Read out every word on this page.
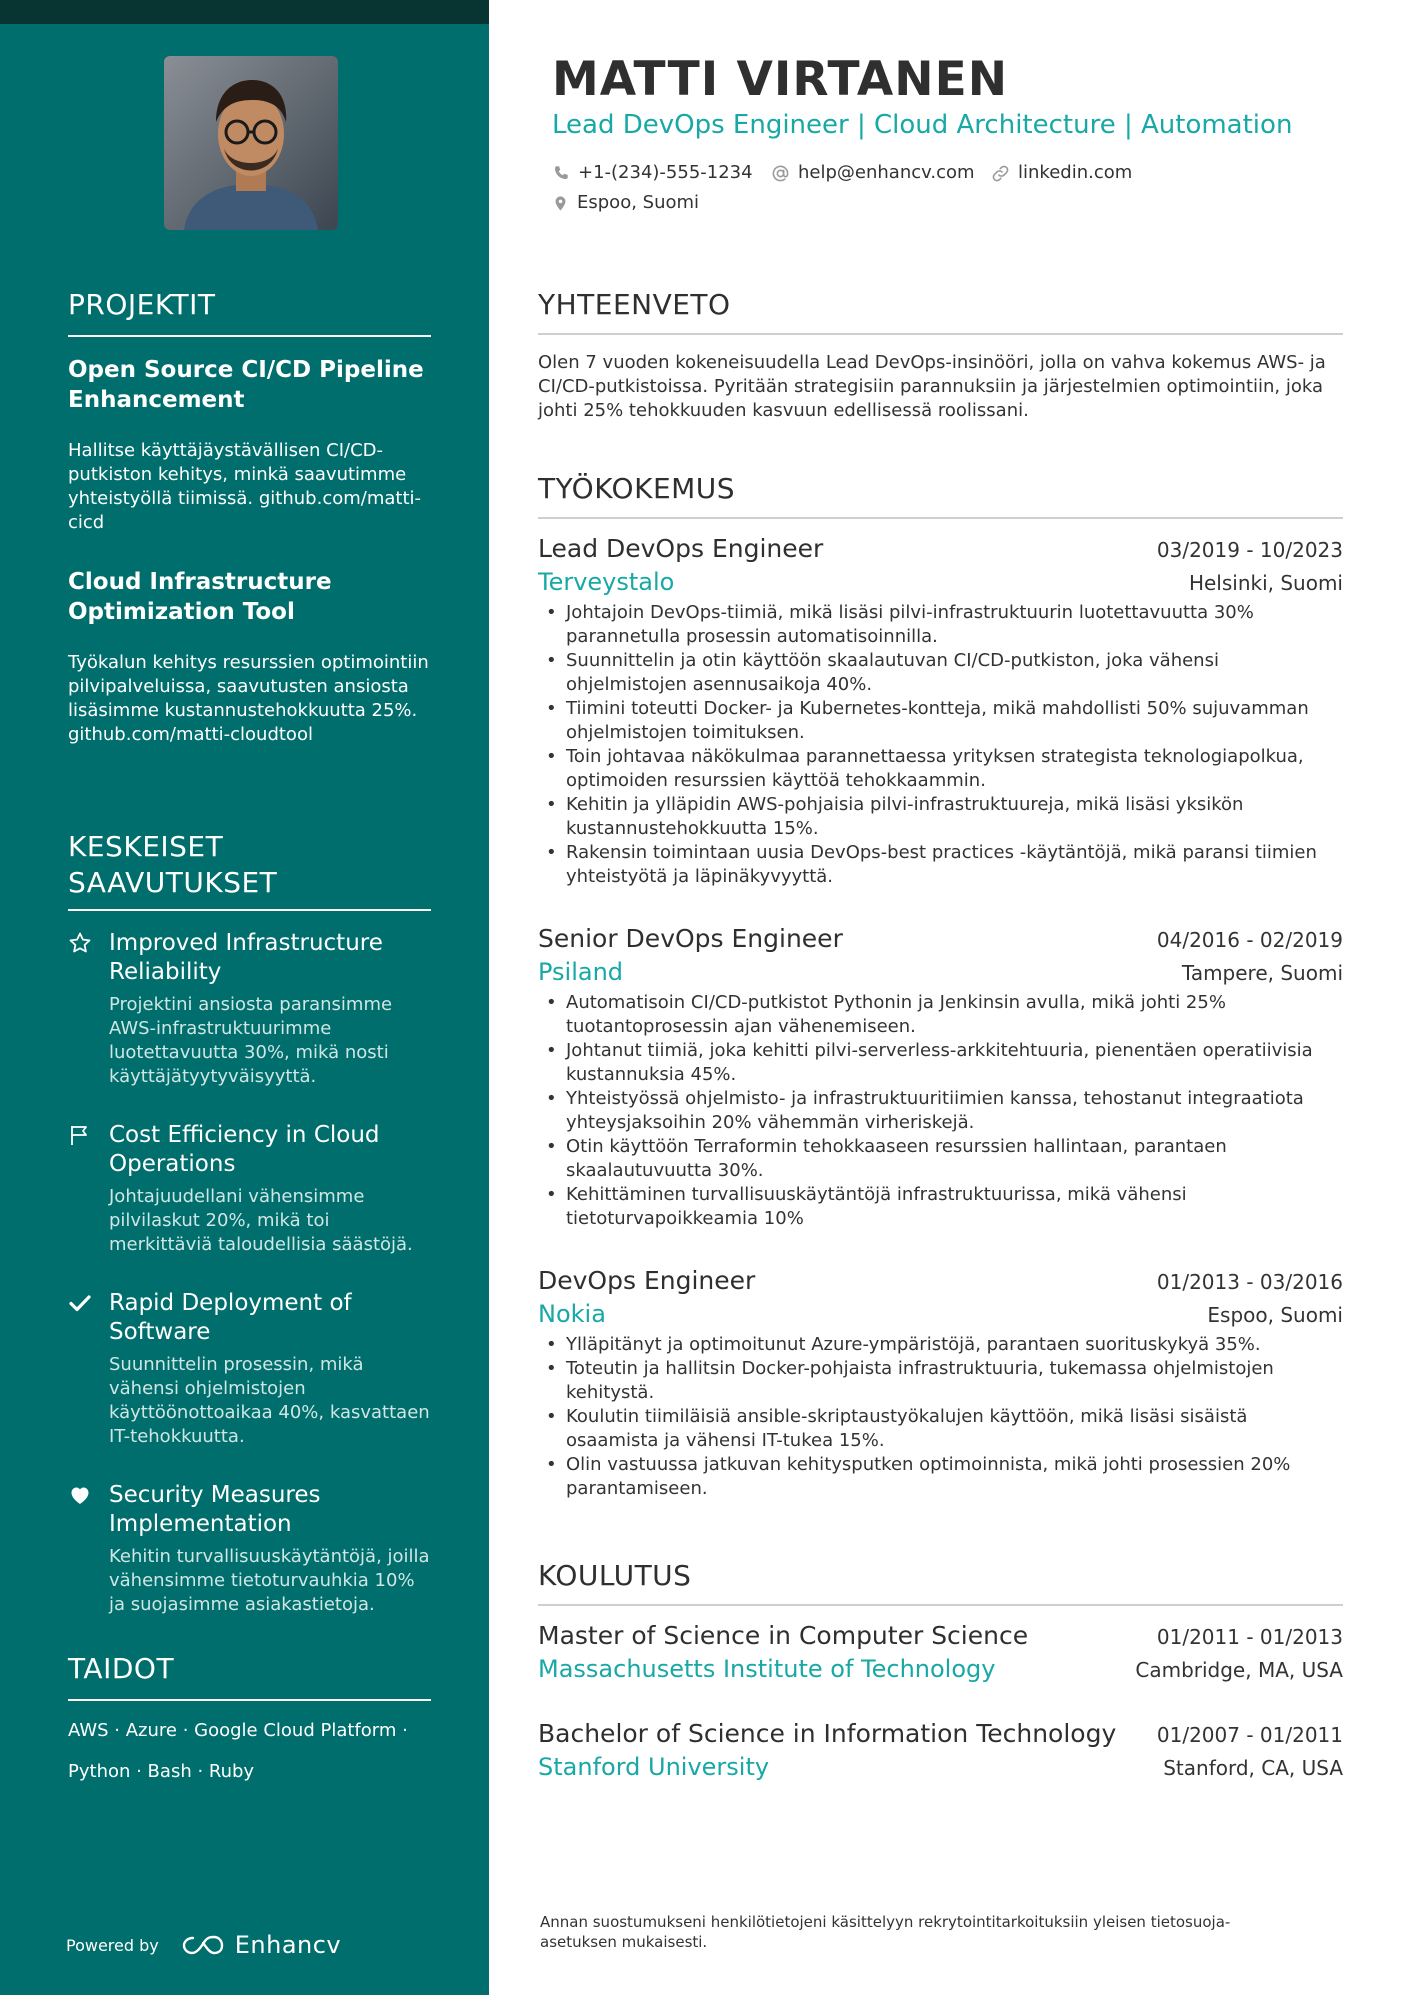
PROJEKTIT
Open Source CI/CD Pipeline Enhancement
Hallitse käyttäjäystävällisen CI/CD-putkiston kehitys, minkä saavutimme yhteistyöllä tiimissä. github.com/matti-cicd
Cloud Infrastructure Optimization Tool
Työkalun kehitys resurssien optimointiin pilvipalveluissa, saavutusten ansiosta lisäsimme kustannustehokkuutta 25%. github.com/matti-cloudtool
KESKEISET SAAVUTUKSET
Improved Infrastructure Reliability
Projektini ansiosta paransimme AWS-infrastruktuurimme luotettavuutta 30%, mikä nosti käyttäjätyytyväisyyttä.
Cost Efficiency in Cloud Operations
Johtajuudellani vähensimme pilvilaskut 20%, mikä toi merkittäviä taloudellisia säästöjä.
Rapid Deployment of Software
Suunnittelin prosessin, mikä vähensi ohjelmistojen käyttöönottoaikaa 40%, kasvattaen IT-tehokkuutta.
Security Measures Implementation
Kehitin turvallisuuskäytäntöjä, joilla vähensimme tietoturvauhkia 10% ja suojasimme asiakastietoja.
TAIDOT
AWS · Azure · Google Cloud Platform ·
Python · Bash · Ruby
Powered by	Enhancv
MATTI VIRTANEN
Lead DevOps Engineer | Cloud Architecture | Automation
+1-(234)-555-1234	help@enhancv.com linkedin.com
Espoo, Suomi
YHTEENVETO
Olen 7 vuoden kokeneisuudella Lead DevOps-insinööri, jolla on vahva kokemus AWS- ja CI/CD-putkistoissa. Pyritään strategisiin parannuksiin ja järjestelmien optimointiin, joka johti 25% tehokkuuden kasvuun edellisessä roolissani.
TYÖKOKEMUS
Lead DevOps Engineer	03/2019 - 10/2023
Terveystalo	Helsinki, Suomi
• Johtajoin DevOps-tiimiä, mikä lisäsi pilvi-infrastruktuurin luotettavuutta 30% parannetulla prosessin automatisoinnilla.
• Suunnittelin ja otin käyttöön skaalautuvan CI/CD-putkiston, joka vähensi ohjelmistojen asennusaikoja 40%.
• Tiimini toteutti Docker- ja Kubernetes-kontteja, mikä mahdollisti 50% sujuvamman ohjelmistojen toimituksen.
• Toin johtavaa näkökulmaa parannettaessa yrityksen strategista teknologiapolkua, optimoiden resurssien käyttöä tehokkaammin.
• Kehitin ja ylläpidin AWS-pohjaisia pilvi-infrastruktuureja, mikä lisäsi yksikön kustannustehokkuutta 15%.
• Rakensin toimintaan uusia DevOps-best practices -käytäntöjä, mikä paransi tiimien yhteistyötä ja läpinäkyvyyttä.
Senior DevOps Engineer	04/2016 - 02/2019
Psiland	Tampere, Suomi
• Automatisoin CI/CD-putkistot Pythonin ja Jenkinsin avulla, mikä johti 25% tuotantoprosessin ajan vähenemiseen.
• Johtanut tiimiä, joka kehitti pilvi-serverless-arkkitehtuuria, pienentäen operatiivisia kustannuksia 45%.
• Yhteistyössä ohjelmisto- ja infrastruktuuritiimien kanssa, tehostanut integraatiota yhteysjaksoihin 20% vähemmän virheriskejä.
• Otin käyttöön Terraformin tehokkaaseen resurssien hallintaan, parantaen skaalautuvuutta 30%.
• Kehittäminen turvallisuuskäytäntöjä infrastruktuurissa, mikä vähensi tietoturvapoikkeamia 10%
DevOps Engineer	01/2013 - 03/2016
Nokia	Espoo, Suomi
• Ylläpitänyt ja optimoitunut Azure-ympäristöjä, parantaen suorituskykyä 35%.
• Toteutin ja hallitsin Docker-pohjaista infrastruktuuria, tukemassa ohjelmistojen kehitystä.
• Koulutin tiimiläisiä ansible-skriptaustyökalujen käyttöön, mikä lisäsi sisäistä osaamista ja vähensi IT-tukea 15%.
• Olin vastuussa jatkuvan kehitysputken optimoinnista, mikä johti prosessien 20% parantamiseen.
KOULUTUS
Master of Science in Computer Science	01/2011 - 01/2013
Massachusetts Institute of Technology	Cambridge, MA, USA
Bachelor of Science in Information Technology 01/2007 - 01/2011
Stanford University	Stanford, CA, USA
Annan suostumukseni henkilötietojeni käsittelyyn rekrytointitarkoituksiin yleisen tietosuoja-asetuksen mukaisesti.
